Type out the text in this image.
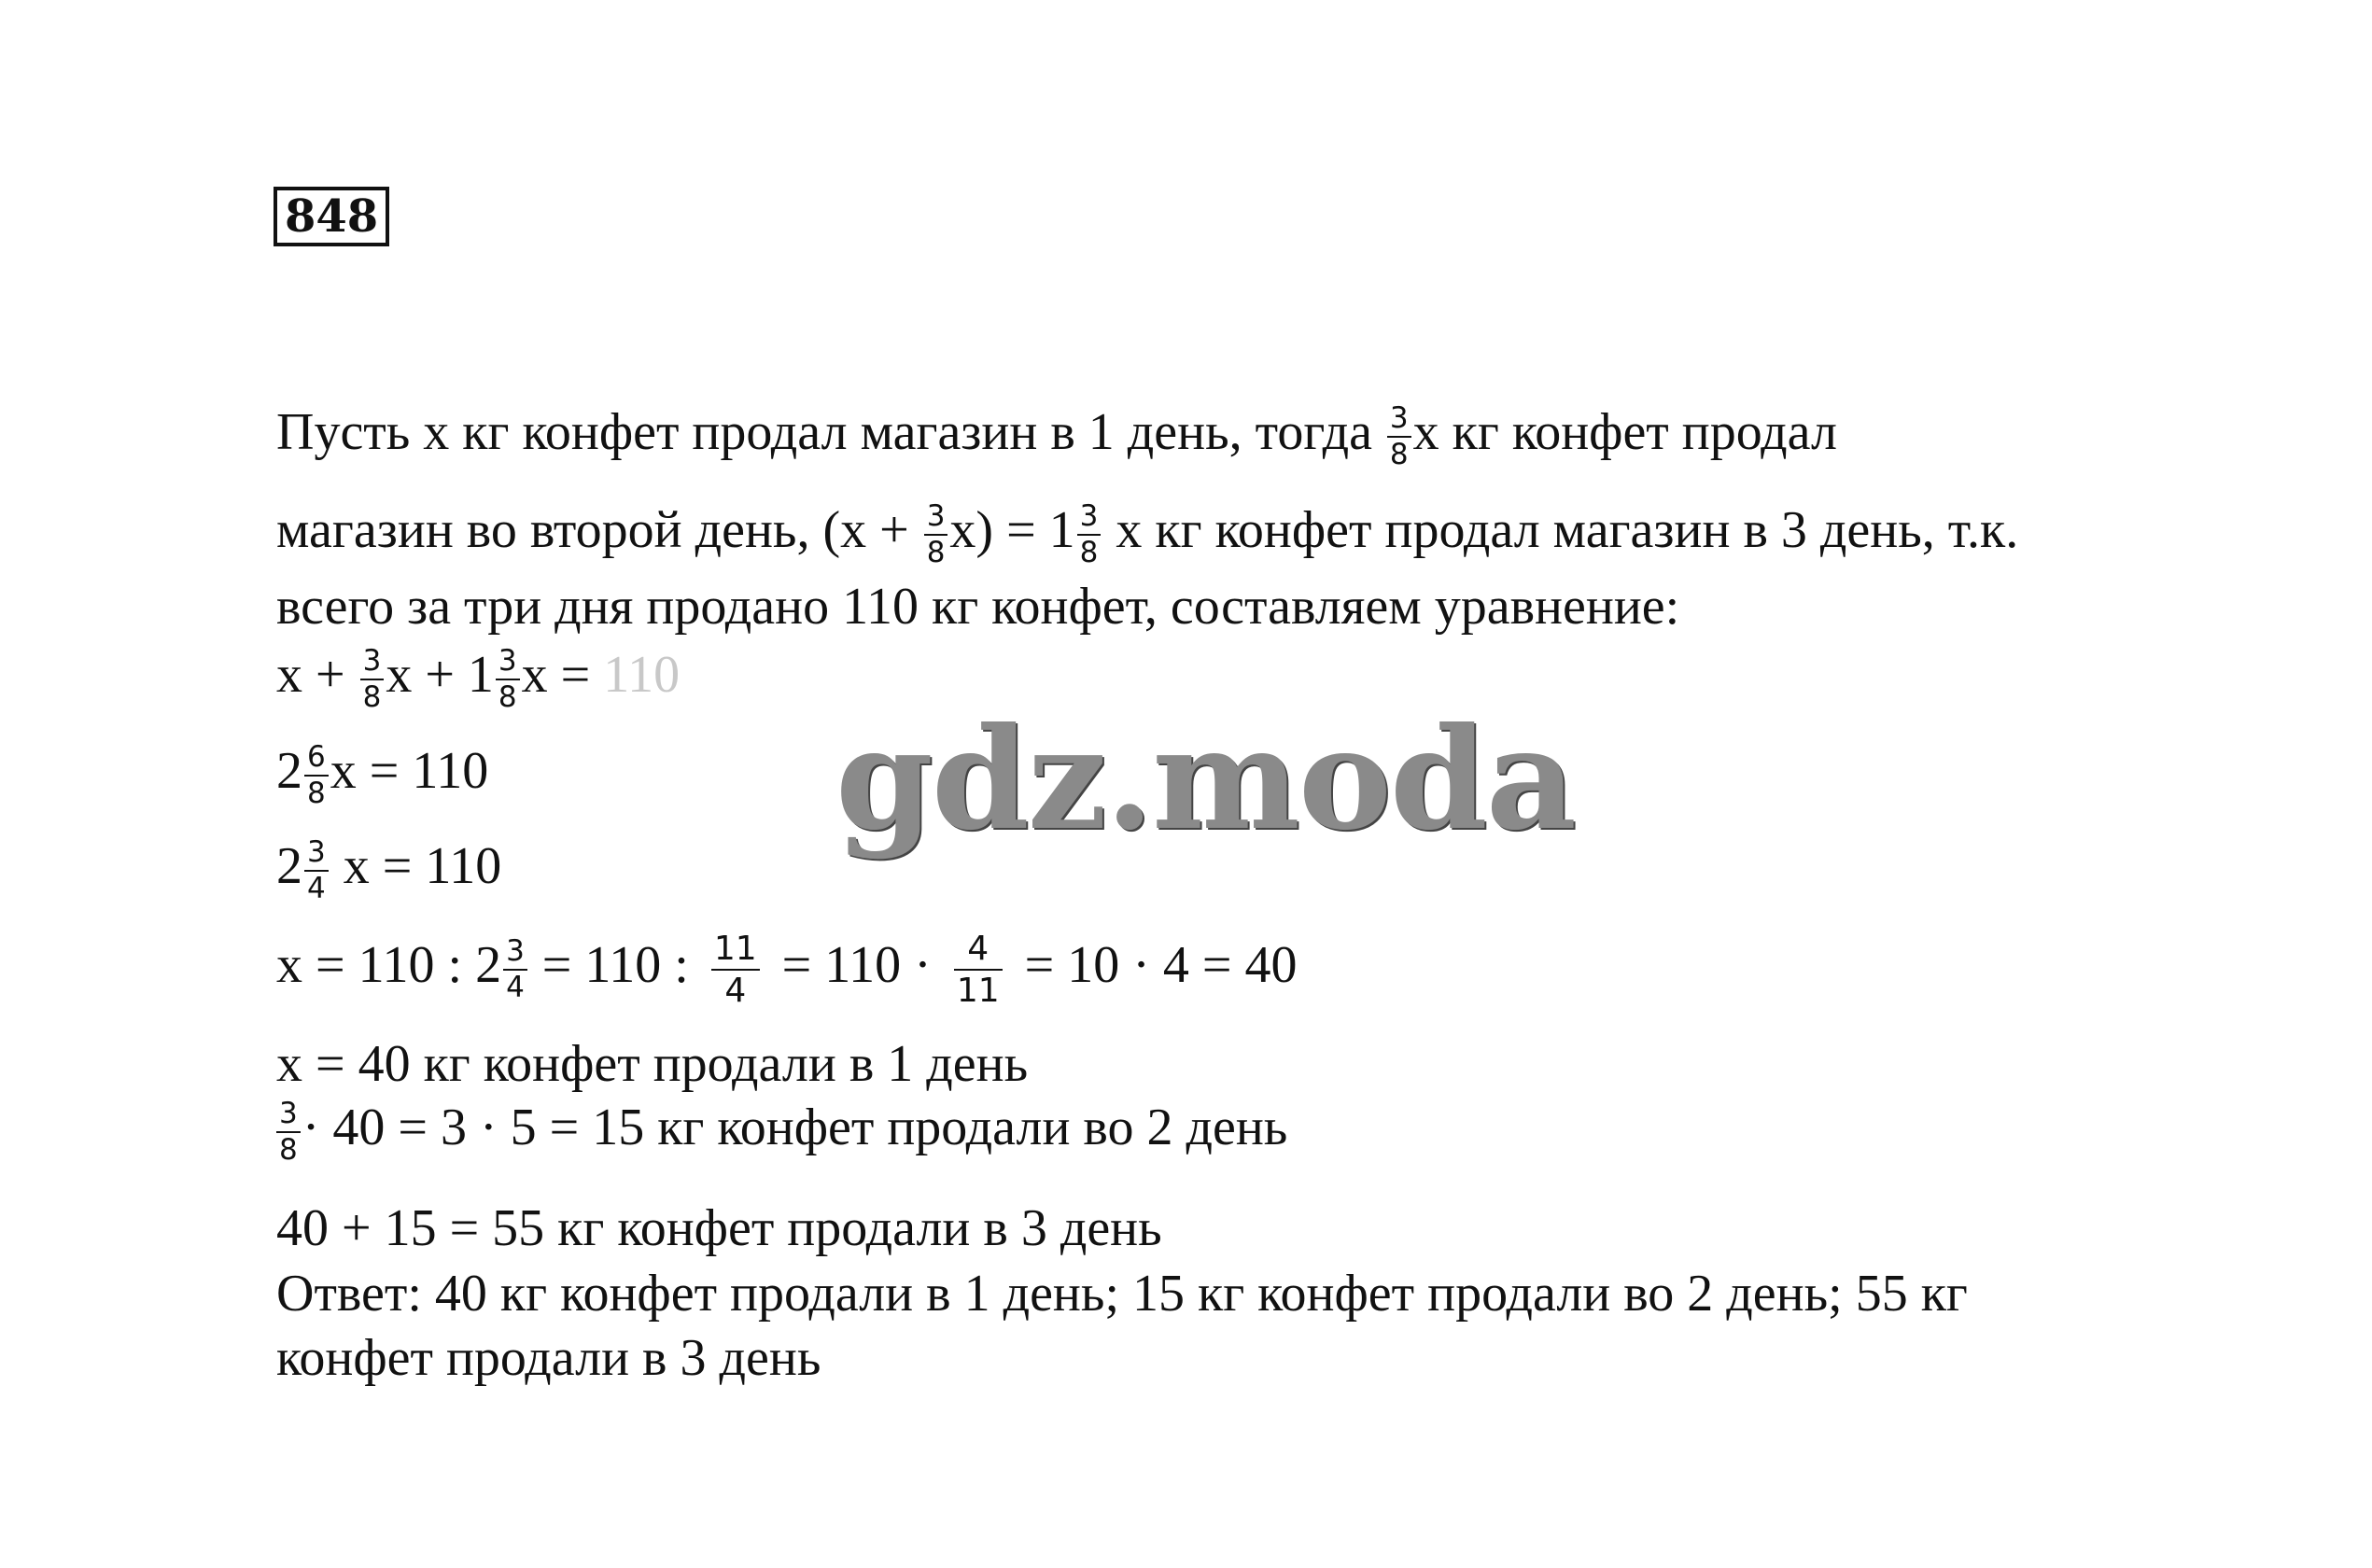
848
gdz.moda
Пусть x кг конфет продал магазин в 1 день, тогда $\frac{3}{8}$ x кг конфет продал
магазин во второй день, $(x + \frac{3}{8} x) = 1 \frac{3}{8}$ x кг конфет продал магазин в 3 день, т.к.
всего за три дня продано 110 кг конфет, составляем уравнение:
$x + \frac{3}{8}$ $x + 1 \frac{3}{8}$ x = 110
$2 \frac{6}{8}$ x = 110
$2 \frac{3}{4}$ x = 110
x = 110 : $2 \frac{3}{4} = 110$ : $\frac{11}{4} = 110 \cdot \frac{4}{11} = 10 \cdot 4 = 40$
x = 40 кг конфет продали в 1 день
$\frac{3}{8} \cdot 40 = 3 \cdot 5 = 15$ кг конфет продали во 2 день
40 + 15 = 55 кг конфет продали в 3 день
Ответ: 40 кг конфет продали в 1 день; 15 кг конфет продали во 2 день; 55 кг
конфет продали в 3 день
